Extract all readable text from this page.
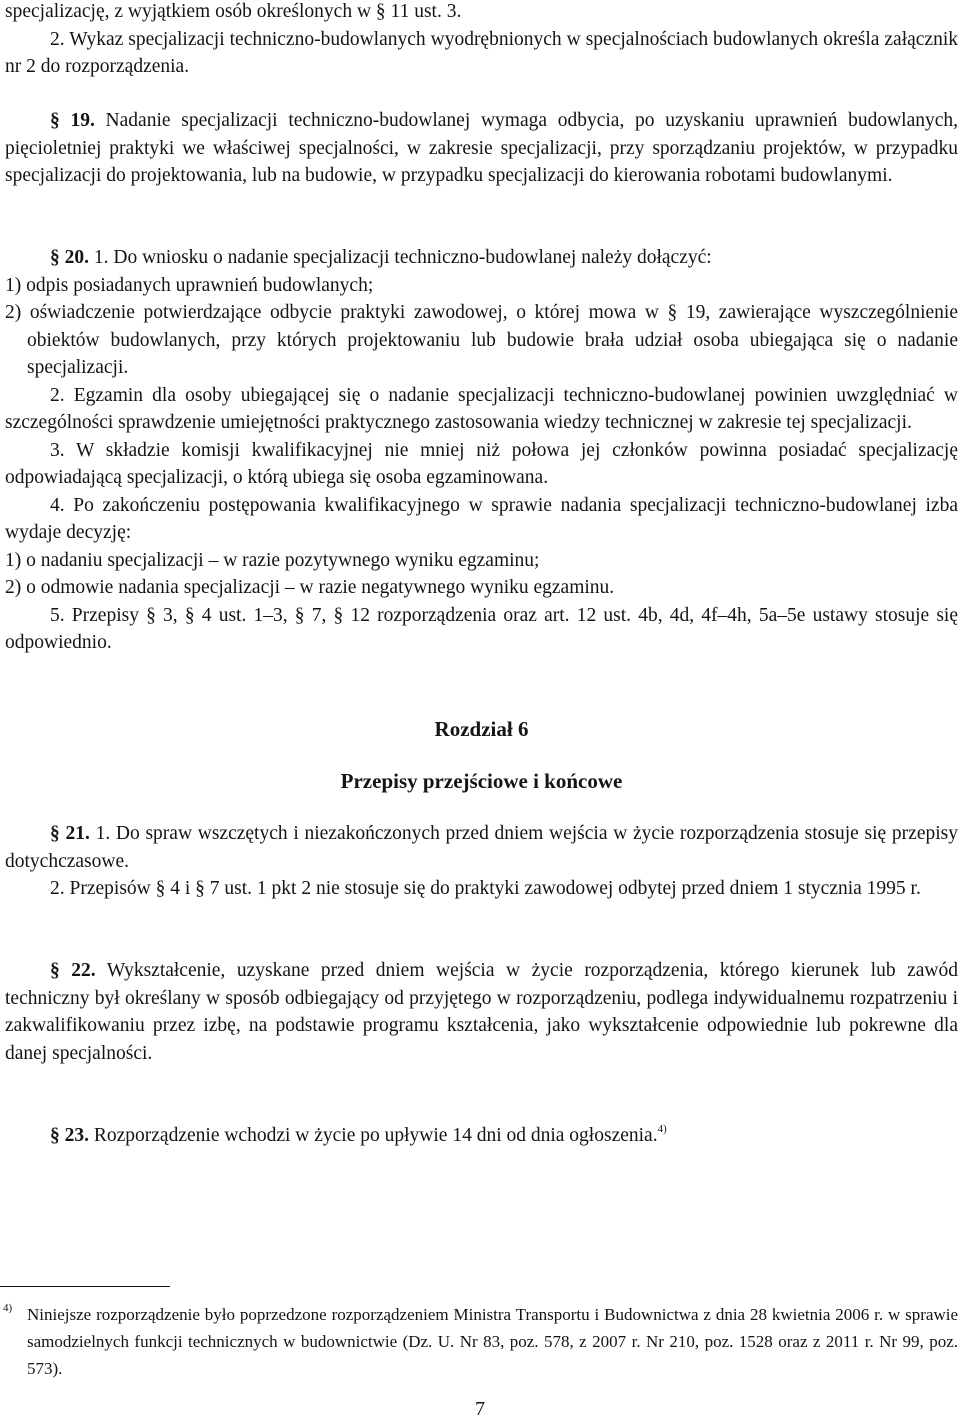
specjalizację, z wyjątkiem osób określonych w § 11 ust. 3.

2. Wykaz specjalizacji techniczno-budowlanych wyodrębnionych w specjalnościach budowlanych określa załącznik nr 2 do rozporządzenia.

§ 19. Nadanie specjalizacji techniczno-budowlanej wymaga odbycia, po uzyskaniu uprawnień budowlanych, pięcioletniej praktyki we właściwej specjalności, w zakresie specjalizacji, przy sporządzaniu projektów, w przypadku specjalizacji do projektowania, lub na budowie, w przypadku specjalizacji do kierowania robotami budowlanymi.

§ 20. 1. Do wniosku o nadanie specjalizacji techniczno-budowlanej należy dołączyć:

1) odpis posiadanych uprawnień budowlanych;

2) oświadczenie potwierdzające odbycie praktyki zawodowej, o której mowa w § 19, zawierające wyszczególnienie obiektów budowlanych, przy których projektowaniu lub budowie brała udział osoba ubiegająca się o nadanie specjalizacji.

2. Egzamin dla osoby ubiegającej się o nadanie specjalizacji techniczno-budowlanej powinien uwzględniać w szczególności sprawdzenie umiejętności praktycznego zastosowania wiedzy technicznej w zakresie tej specjalizacji.

3. W składzie komisji kwalifikacyjnej nie mniej niż połowa jej członków powinna posiadać specjalizację odpowiadającą specjalizacji, o którą ubiega się osoba egzaminowana.

4. Po zakończeniu postępowania kwalifikacyjnego w sprawie nadania specjalizacji techniczno-budowlanej izba wydaje decyzję:

1) o nadaniu specjalizacji – w razie pozytywnego wyniku egzaminu;

2) o odmowie nadania specjalizacji – w razie negatywnego wyniku egzaminu.

5. Przepisy § 3, § 4 ust. 1–3, § 7, § 12 rozporządzenia oraz art. 12 ust. 4b, 4d, 4f–4h, 5a–5e ustawy stosuje się odpowiednio.

Rozdział 6
Przepisy przejściowe i końcowe

§ 21. 1. Do spraw wszczętych i niezakończonych przed dniem wejścia w życie rozporządzenia stosuje się przepisy dotychczasowe.

2. Przepisów § 4 i § 7 ust. 1 pkt 2 nie stosuje się do praktyki zawodowej odbytej przed dniem 1 stycznia 1995 r.

§ 22. Wykształcenie, uzyskane przed dniem wejścia w życie rozporządzenia, którego kierunek lub zawód techniczny był określany w sposób odbiegający od przyjętego w rozporządzeniu, podlega indywidualnemu rozpatrzeniu i zakwalifikowaniu przez izbę, na podstawie programu kształcenia, jako wykształcenie odpowiednie lub pokrewne dla danej specjalności.

§ 23. Rozporządzenie wchodzi w życie po upływie 14 dni od dnia ogłoszenia.$^{4)}$

4) Niniejsze rozporządzenie było poprzedzone rozporządzeniem Ministra Transportu i Budownictwa z dnia 28 kwietnia 2006 r. w sprawie samodzielnych funkcji technicznych w budownictwie (Dz. U. Nr 83, poz. 578, z 2007 r. Nr 210, poz. 1528 oraz z 2011 r. Nr 99, poz. 573).
7
